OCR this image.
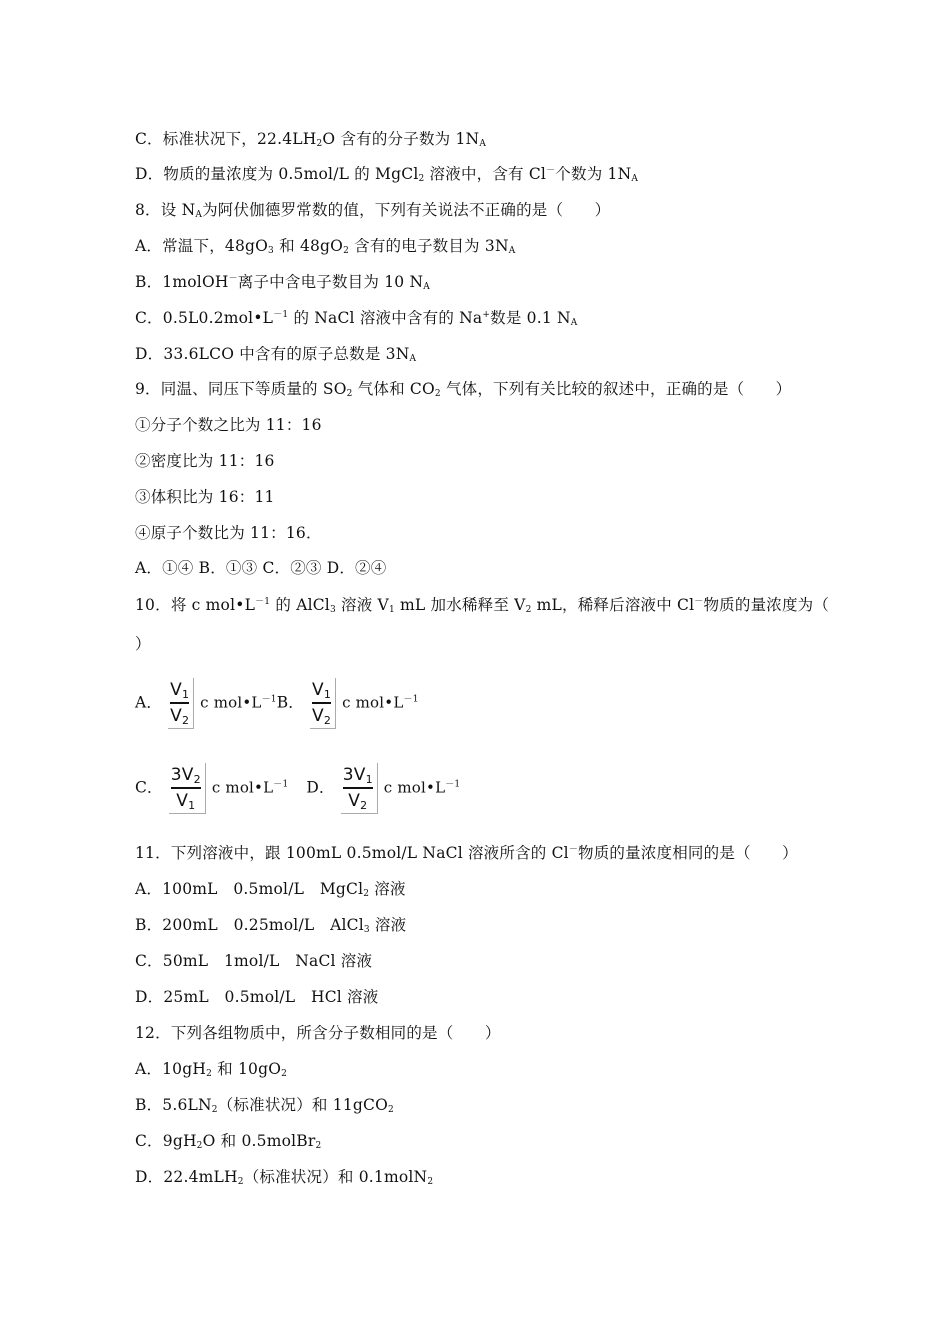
C．标准状况下，$22.4LH_2O$ 含有的分子数为 $1N_A$
D．物质的量浓度为 0.5mol/L 的 MgCl$_2$ 溶液中，含有 Cl－个数为 $1N_A$
8．设 $N_A$为阿伏伽德罗常数的值，下列有关说法不正确的是（　　）
A．常温下，$48gO_3$ 和 $48gO_2$ 含有的电子数目为 $3N_A$
B．1molOH－离子中含电子数目为 10 $N_A$
C．$0.5L0.2mol•L^{-1}$ 的 NaCl 溶液中含有的 Na+数是 0.1 $N_A$
D．33.6LCO 中含有的原子总数是 $3N_A$
9．同温、同压下等质量的 $SO_2$ 气体和 $CO_2$ 气体，下列有关比较的叙述中，正确的是（　　）
①分子个数之比为 11：16
②密度比为 11：16
③体积比为 16：11
④原子个数比为 11：16．
A．①④ B．①③ C．②③ D．②④
10．将 c $mol•L^{-1}$ 的 AlCl$_3$ 溶液 $V_1$ mL 加水稀释至 $V_2$ mL，稀释后溶液中 Cl－物质的量浓度为（
）
A． $\frac{V_1}{V_2}$ c $mol•L^{-1}B$． $\frac{V_1}{V_2}$ c $mol•L^{-1}$
C． $\frac{3V_2}{V_1}$ c $mol•L^{-1}$ D． $\frac{3V_1}{V_2}$ c $mol•L^{-1}$
11．下列溶液中，跟 100mL 0.5mol/L NaCl 溶液所含的 Cl－物质的量浓度相同的是（　　）
A．100mL　0.5mol/L　MgCl$_2$ 溶液
B．200mL　0.25mol/L　AlCl$_3$ 溶液
C．50mL　1mol/L　NaCl 溶液
D．25mL　0.5mol/L　HCl 溶液
12．下列各组物质中，所含分子数相同的是（　　）
A．$10gH_2$ 和 $10gO_2$
B．$5.6LN_2$（标准状况）和 11gCO$_2$
C．$9gH_2O$ 和 0.5molBr$_2$
D．22.4mLH$_2$（标准状况）和 0.1molN$_2$
